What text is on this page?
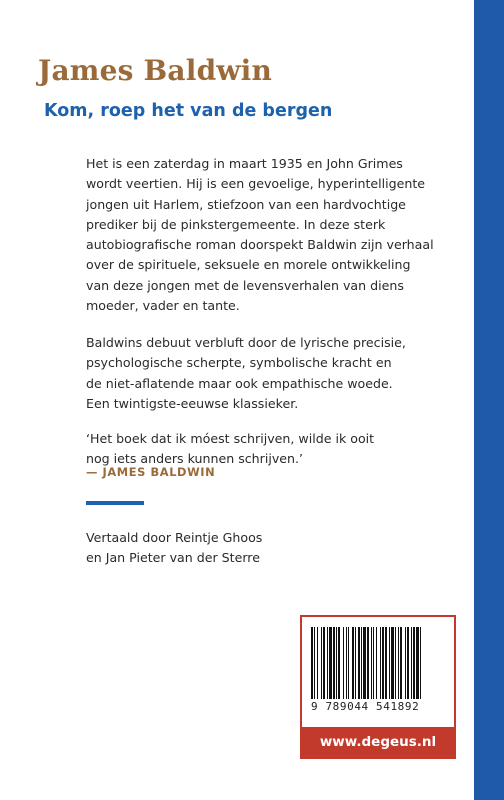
James Baldwin
Kom, roep het van de bergen
Het is een zaterdag in maart 1935 en John Grimes
wordt veertien. Hij is een gevoelige, hyperintelligente
jongen uit Harlem, stiefzoon van een hardvochtige
prediker bij de pinkstergemeente. In deze sterk
autobiografische roman doorspekt Baldwin zijn verhaal
over de spirituele, seksuele en morele ontwikkeling
van deze jongen met de levensverhalen van diens
moeder, vader en tante.
Baldwins debuut verbluft door de lyrische precisie,
psychologische scherpte, symbolische kracht en
de niet-aflatende maar ook empathische woede.
Een twintigste-eeuwse klassieker.
‘Het boek dat ik móest schrijven, wilde ik ooit
nog iets anders kunnen schrijven.’
— JAMES BALDWIN
Vertaald door Reintje Ghoos
en Jan Pieter van der Sterre
9 789044 541892
www.degeus.nl
